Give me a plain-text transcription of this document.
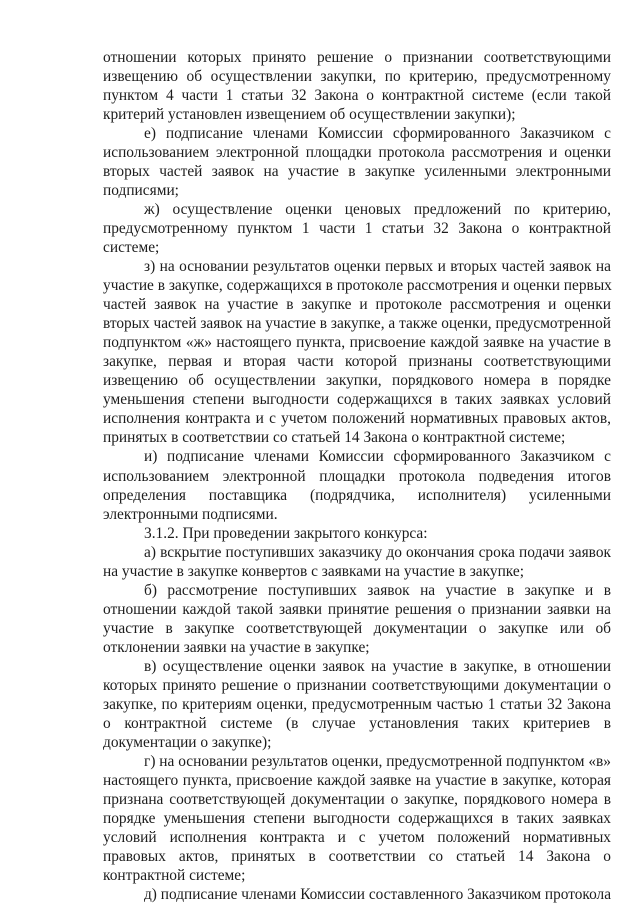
отношении которых принято решение о признании соответствующими
извещению об осуществлении закупки, по критерию, предусмотренному
пунктом 4 части 1 статьи 32 Закона о контрактной системе (если такой
критерий установлен извещением об осуществлении закупки);
е) подписание членами Комиссии сформированного Заказчиком с
использованием электронной площадки протокола рассмотрения и оценки
вторых частей заявок на участие в закупке усиленными электронными
подписями;
ж) осуществление оценки ценовых предложений по критерию,
предусмотренному пунктом 1 части 1 статьи 32 Закона о контрактной
системе;
з) на основании результатов оценки первых и вторых частей заявок на
участие в закупке, содержащихся в протоколе рассмотрения и оценки первых
частей заявок на участие в закупке и протоколе рассмотрения и оценки
вторых частей заявок на участие в закупке, а также оценки, предусмотренной
подпунктом «ж» настоящего пункта, присвоение каждой заявке на участие в
закупке, первая и вторая части которой признаны соответствующими
извещению об осуществлении закупки, порядкового номера в порядке
уменьшения степени выгодности содержащихся в таких заявках условий
исполнения контракта и с учетом положений нормативных правовых актов,
принятых в соответствии со статьей 14 Закона о контрактной системе;
и) подписание членами Комиссии сформированного Заказчиком с
использованием электронной площадки протокола подведения итогов
определения поставщика (подрядчика, исполнителя) усиленными
электронными подписями.
3.1.2. При проведении закрытого конкурса:
а) вскрытие поступивших заказчику до окончания срока подачи заявок
на участие в закупке конвертов с заявками на участие в закупке;
б) рассмотрение поступивших заявок на участие в закупке и в
отношении каждой такой заявки принятие решения о признании заявки на
участие в закупке соответствующей документации о закупке или об
отклонении заявки на участие в закупке;
в) осуществление оценки заявок на участие в закупке, в отношении
которых принято решение о признании соответствующими документации о
закупке, по критериям оценки, предусмотренным частью 1 статьи 32 Закона
о контрактной системе (в случае установления таких критериев в
документации о закупке);
г) на основании результатов оценки, предусмотренной подпунктом «в»
настоящего пункта, присвоение каждой заявке на участие в закупке, которая
признана соответствующей документации о закупке, порядкового номера в
порядке уменьшения степени выгодности содержащихся в таких заявках
условий исполнения контракта и с учетом положений нормативных
правовых актов, принятых в соответствии со статьей 14 Закона о
контрактной системе;
д) подписание членами Комиссии составленного Заказчиком протокола
